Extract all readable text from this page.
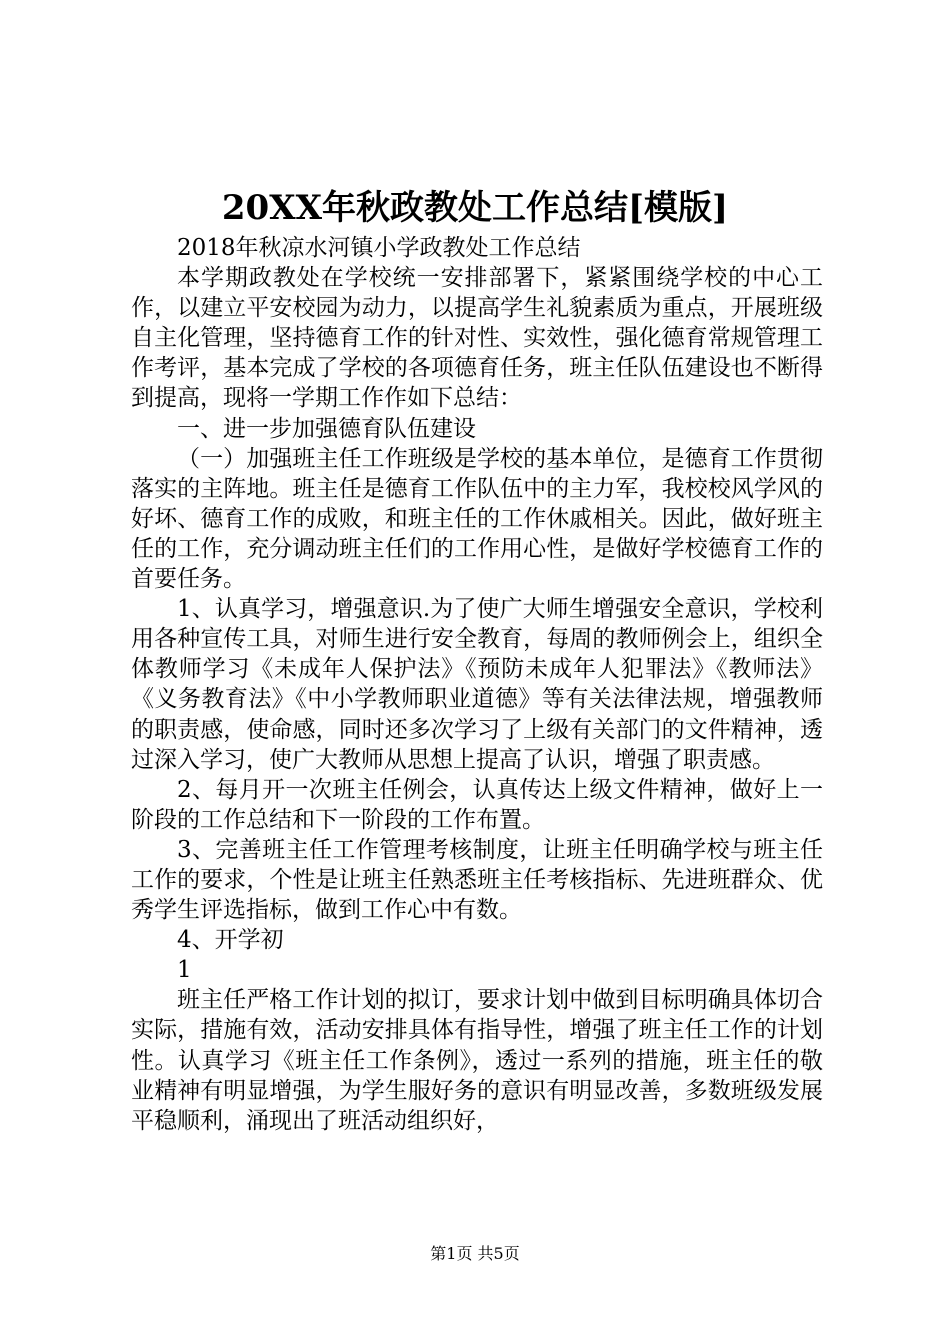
20XX年秋政教处工作总结[模版]

2018年秋凉水河镇小学政教处工作总结

本学期政教处在学校统一安排部署下，紧紧围绕学校的中心工作，以建立平安校园为动力，以提高学生礼貌素质为重点，开展班级自主化管理，坚持德育工作的针对性、实效性，强化德育常规管理工作考评，基本完成了学校的各项德育任务，班主任队伍建设也不断得到提高，现将一学期工作作如下总结：

一、进一步加强德育队伍建设

（一）加强班主任工作班级是学校的基本单位，是德育工作贯彻落实的主阵地。班主任是德育工作队伍中的主力军，我校校风学风的好坏、德育工作的成败，和班主任的工作休戚相关。因此，做好班主任的工作，充分调动班主任们的工作用心性，是做好学校德育工作的首要任务。

1、认真学习，增强意识.为了使广大师生增强安全意识，学校利用各种宣传工具，对师生进行安全教育，每周的教师例会上，组织全体教师学习《未成年人保护法》《预防未成年人犯罪法》《教师法》《义务教育法》《中小学教师职业道德》等有关法律法规，增强教师的职责感，使命感，同时还多次学习了上级有关部门的文件精神，透过深入学习，使广大教师从思想上提高了认识，增强了职责感。

2、每月开一次班主任例会，认真传达上级文件精神，做好上一阶段的工作总结和下一阶段的工作布置。

3、完善班主任工作管理考核制度，让班主任明确学校与班主任工作的要求，个性是让班主任熟悉班主任考核指标、先进班群众、优秀学生评选指标，做到工作心中有数。

4、开学初

1

班主任严格工作计划的拟订，要求计划中做到目标明确具体切合实际，措施有效，活动安排具体有指导性，增强了班主任工作的计划性。认真学习《班主任工作条例》，透过一系列的措施，班主任的敬业精神有明显增强，为学生服好务的意识有明显改善，多数班级发展平稳顺利，涌现出了班活动组织好，

第1页 共5页
